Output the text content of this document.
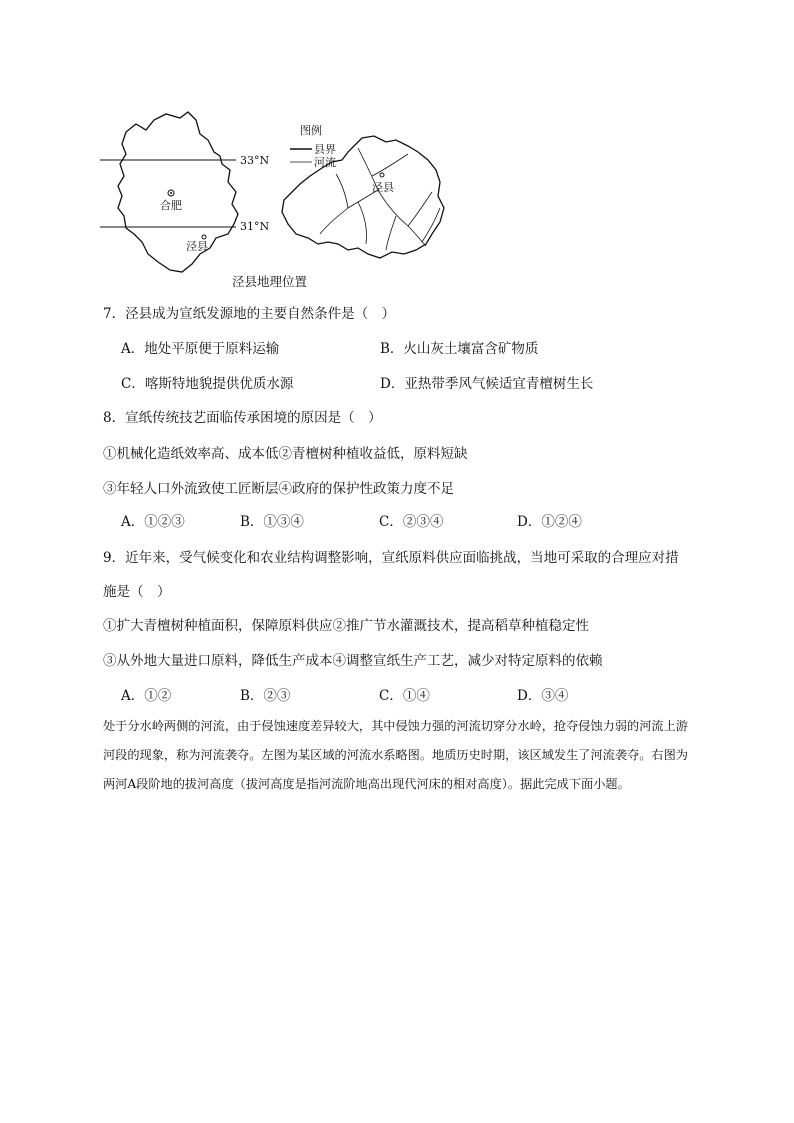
33°N
31°N
合肥
泾县
泾县
图例
县界
河流
泾县地理位置
7．泾县成为宣纸发源地的主要自然条件是（　）
A．地处平原便于原料运输	B．火山灰土壤富含矿物质
C．喀斯特地貌提供优质水源	D．亚热带季风气候适宜青檀树生长
8．宣纸传统技艺面临传承困境的原因是（　）
①机械化造纸效率高、成本低②青檀树种植收益低，原料短缺
③年轻人口外流致使工匠断层④政府的保护性政策力度不足
A．①②③	B．①③④	C．②③④	D．①②④
9．近年来，受气候变化和农业结构调整影响，宣纸原料供应面临挑战，当地可采取的合理应对措
施是（　）
①扩大青檀树种植面积，保障原料供应②推广节水灌溉技术，提高稻草种植稳定性
③从外地大量进口原料，降低生产成本④调整宣纸生产工艺，减少对特定原料的依赖
A．①②	B．②③	C．①④	D．③④
处于分水岭两侧的河流，由于侵蚀速度差异较大，其中侵蚀力强的河流切穿分水岭，抢夺侵蚀力弱的河流上游河段的现象，称为河流袭夺。左图为某区域的河流水系略图。地质历史时期，该区域发生了河流袭夺。右图为两河A段阶地的拔河高度（拔河高度是指河流阶地高出现代河床的相对高度）。据此完成下面小题。
